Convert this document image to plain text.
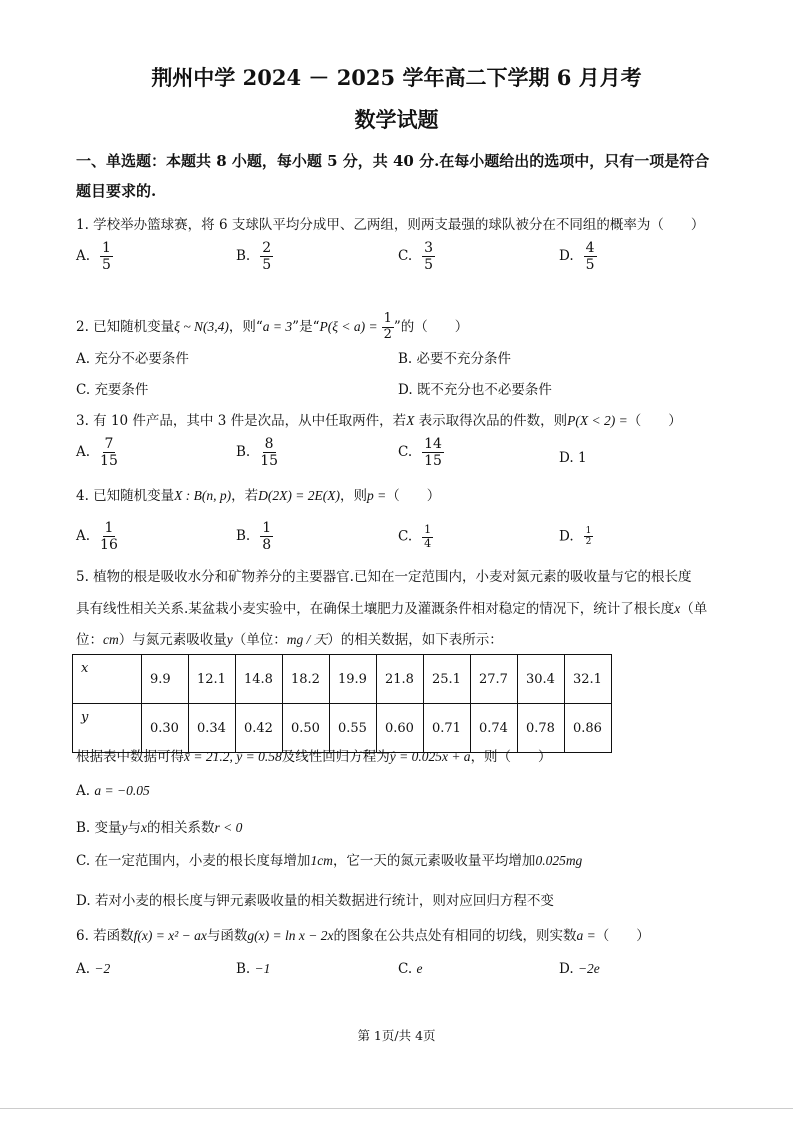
荆州中学 2024 － 2025 学年高二下学期 6 月月考
数学试题
一、单选题：本题共 8 小题，每小题 5 分，共 40 分.在每小题给出的选项中，只有一项是符合
题目要求的.
1. 学校举办篮球赛，将 6 支球队平均分成甲、乙两组，则两支最强的球队被分在不同组的概率为（　　）
A. $\frac{1}{5}$	B. $\frac{2}{5}$	C. $\frac{3}{5}$	D. $\frac{4}{5}$
2. 已知随机变量ξ ~ N(3,4)，则“a = 3”是“$P(\xi < a) = \frac{1}{2}$ ”的（　　）
A. 充分不必要条件	B. 必要不充分条件
C. 充要条件	D. 既不充分也不必要条件
3. 有 10 件产品，其中 3 件是次品，从中任取两件，若X 表示取得次品的件数，则P(X < 2) =（　　）
A. $\frac{7}{15}$	B. $\frac{8}{15}$	C. $\frac{14}{15}$	D. 1
4. 已知随机变量X : B(n, p)，若D(2X) = 2E(X)，则p =（　　）
A. $\frac{1}{16}$	B. $\frac{1}{8}$	C. $\frac{1}{4}$	D. $\frac{1}{2}$
5. 植物的根是吸收水分和矿物养分的主要器官.已知在一定范围内，小麦对氮元素的吸收量与它的根长度
具有线性相关关系.某盆栽小麦实验中，在确保土壤肥力及灌溉条件相对稳定的情况下，统计了根长度x（单
位：cm）与氮元素吸收量y（单位：mg / 天）的相关数据，如下表所示：
x	9.9	12.1	14.8	18.2	19.9	21.8	25.1	27.7	30.4	32.1
y	0.30	0.34	0.42	0.50	0.55	0.60	0.71	0.74	0.78	0.86
根据表中数据可得x̄ = 21.2, ȳ = 0.58及线性回归方程为ŷ = 0.025x + a，则（　　）
A. a = −0.05
B. 变量y与x的相关系数r < 0
C. 在一定范围内，小麦的根长度每增加1cm，它一天的氮元素吸收量平均增加0.025mg
D. 若对小麦的根长度与钾元素吸收量的相关数据进行统计，则对应回归方程不变
6. 若函数f(x) = x² − ax与函数g(x) = ln x − 2x的图象在公共点处有相同的切线，则实数a =（　　）
A. −2	B. −1	C. e	D. −2e
第 1页/共 4页
